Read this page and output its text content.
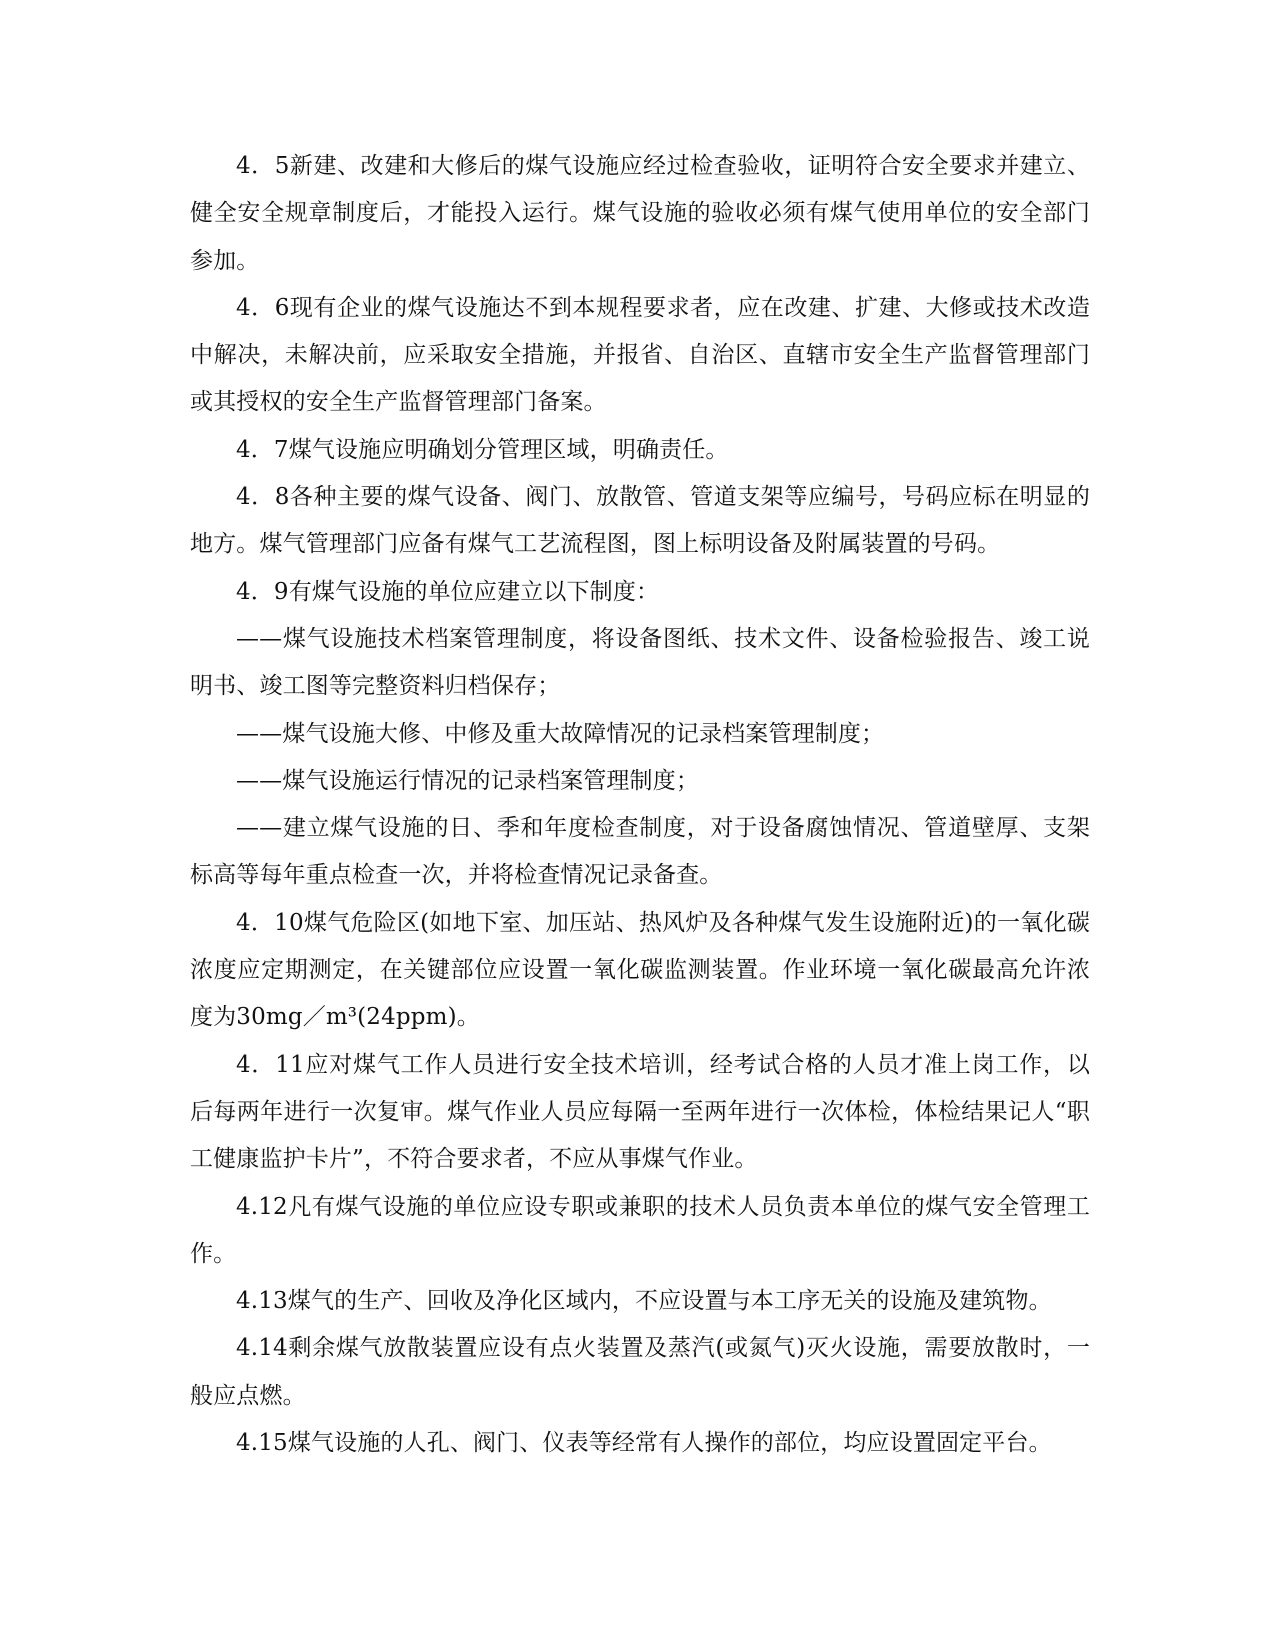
4．5新建、改建和大修后的煤气设施应经过检查验收，证明符合安全要求并建立、健全安全规章制度后，才能投入运行。煤气设施的验收必须有煤气使用单位的安全部门参加。

4．6现有企业的煤气设施达不到本规程要求者，应在改建、扩建、大修或技术改造中解决，未解决前，应采取安全措施，并报省、自治区、直辖市安全生产监督管理部门或其授权的安全生产监督管理部门备案。

4．7煤气设施应明确划分管理区域，明确责任。

4．8各种主要的煤气设备、阀门、放散管、管道支架等应编号，号码应标在明显的地方。煤气管理部门应备有煤气工艺流程图，图上标明设备及附属装置的号码。

4．9有煤气设施的单位应建立以下制度：

——煤气设施技术档案管理制度，将设备图纸、技术文件、设备检验报告、竣工说明书、竣工图等完整资料归档保存；

——煤气设施大修、中修及重大故障情况的记录档案管理制度；

——煤气设施运行情况的记录档案管理制度；

——建立煤气设施的日、季和年度检查制度，对于设备腐蚀情况、管道壁厚、支架标高等每年重点检查一次，并将检查情况记录备查。

4．10煤气危险区(如地下室、加压站、热风炉及各种煤气发生设施附近)的一氧化碳浓度应定期测定，在关键部位应设置一氧化碳监测装置。作业环境一氧化碳最高允许浓度为30mg／m³(24ppm)。

4．11应对煤气工作人员进行安全技术培训，经考试合格的人员才准上岗工作，以后每两年进行一次复审。煤气作业人员应每隔一至两年进行一次体检，体检结果记人“职工健康监护卡片”，不符合要求者，不应从事煤气作业。

4.12凡有煤气设施的单位应设专职或兼职的技术人员负责本单位的煤气安全管理工作。

4.13煤气的生产、回收及净化区域内，不应设置与本工序无关的设施及建筑物。

4.14剩余煤气放散装置应设有点火装置及蒸汽(或氮气)灭火设施，需要放散时，一般应点燃。

4.15煤气设施的人孔、阀门、仪表等经常有人操作的部位，均应设置固定平台。
